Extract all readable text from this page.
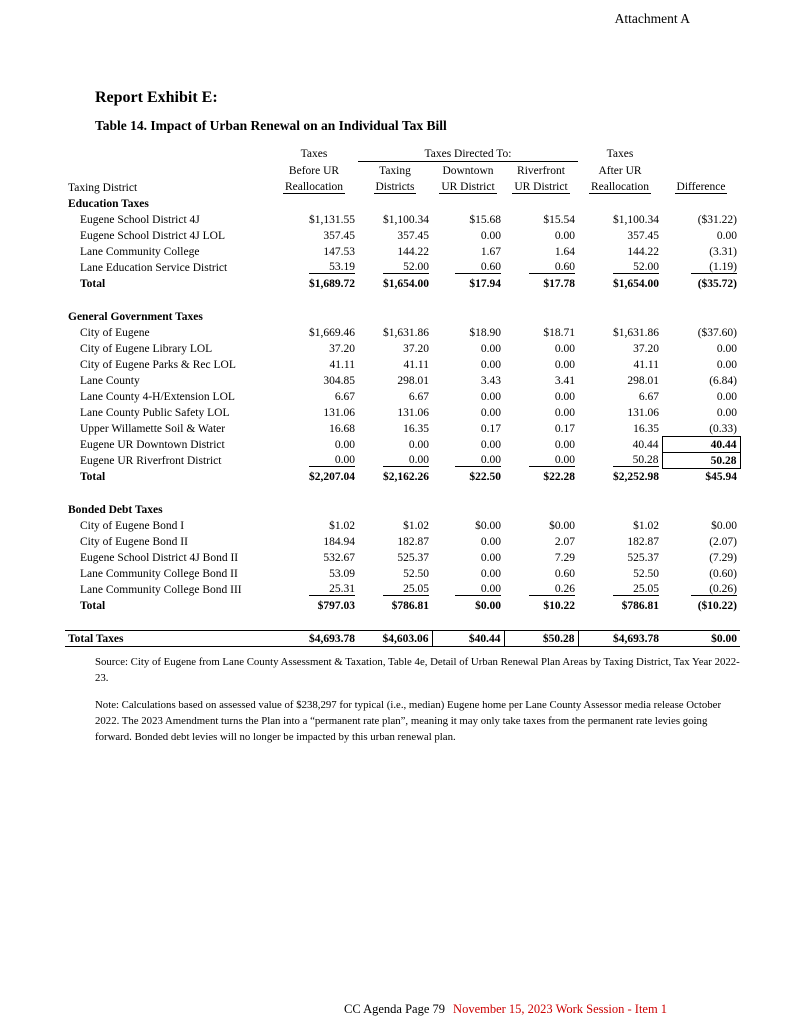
Attachment A
Report Exhibit E:
Table 14. Impact of Urban Renewal on an Individual Tax Bill
	Taxes	Taxes Directed To:			Taxes	
	Before UR	Taxing	Downtown	Riverfront	After UR	
Taxing District	Reallocation	Districts	UR District	UR District	Reallocation	Difference
Education Taxes						
Eugene School District 4J	$1,131.55	$1,100.34	$15.68	$15.54	$1,100.34	($31.22)
Eugene School District 4J LOL	357.45	357.45	0.00	0.00	357.45	0.00
Lane Community College	147.53	144.22	1.67	1.64	144.22	(3.31)
Lane Education Service District	53.19	52.00	0.60	0.60	52.00	(1.19)
Total	$1,689.72	$1,654.00	$17.94	$17.78	$1,654.00	($35.72)

General Government Taxes						
City of Eugene	$1,669.46	$1,631.86	$18.90	$18.71	$1,631.86	($37.60)
City of Eugene Library LOL	37.20	37.20	0.00	0.00	37.20	0.00
City of Eugene Parks & Rec LOL	41.11	41.11	0.00	0.00	41.11	0.00
Lane County	304.85	298.01	3.43	3.41	298.01	(6.84)
Lane County 4-H/Extension LOL	6.67	6.67	0.00	0.00	6.67	0.00
Lane County Public Safety LOL	131.06	131.06	0.00	0.00	131.06	0.00
Upper Willamette Soil & Water	16.68	16.35	0.17	0.17	16.35	(0.33)
Eugene UR Downtown District	0.00	0.00	0.00	0.00	40.44	40.44
Eugene UR Riverfront District	0.00	0.00	0.00	0.00	50.28	50.28
Total	$2,207.04	$2,162.26	$22.50	$22.28	$2,252.98	$45.94

Bonded Debt Taxes						
City of Eugene Bond I	$1.02	$1.02	$0.00	$0.00	$1.02	$0.00
City of Eugene Bond II	184.94	182.87	0.00	2.07	182.87	(2.07)
Eugene School District 4J Bond II	532.67	525.37	0.00	7.29	525.37	(7.29)
Lane Community College Bond II	53.09	52.50	0.00	0.60	52.50	(0.60)
Lane Community College Bond III	25.31	25.05	0.00	0.26	25.05	(0.26)
Total	$797.03	$786.81	$0.00	$10.22	$786.81	($10.22)

Total Taxes	$4,693.78	$4,603.06	$40.44	$50.28	$4,693.78	$0.00

Source: City of Eugene from Lane County Assessment & Taxation, Table 4e, Detail of Urban Renewal Plan Areas by Taxing District, Tax Year 2022-23.

Note: Calculations based on assessed value of $238,297 for typical (i.e., median) Eugene home per Lane County Assessor media release October 2022. The 2023 Amendment turns the Plan into a “permanent rate plan”, meaning it may only take taxes from the permanent rate levies going forward. Bonded debt levies will no longer be impacted by this urban renewal plan.

CC Agenda Page 79 November 15, 2023 Work Session - Item 1
